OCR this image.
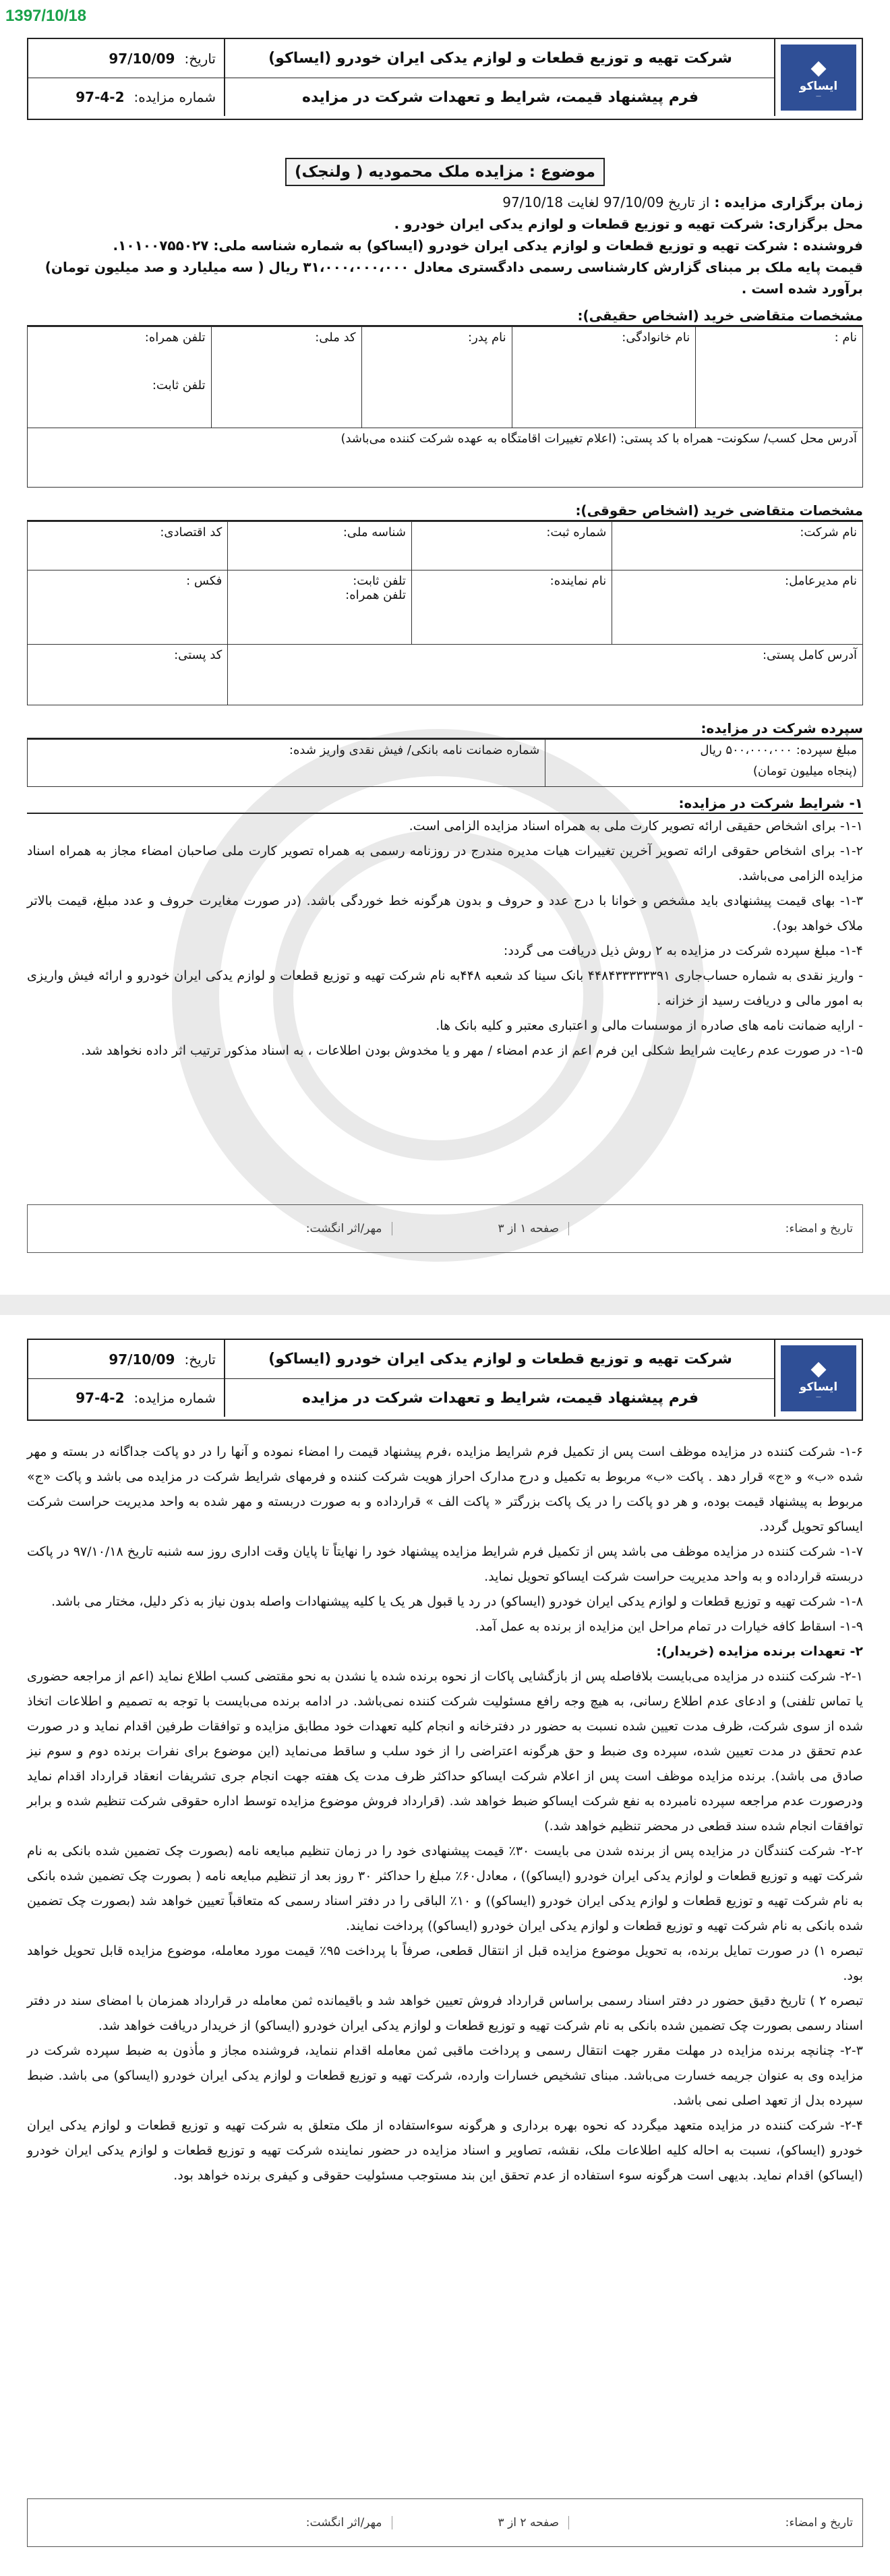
1397/10/18
◆
ایساکو
—
شرکت تهیه و توزیع قطعات و لوازم یدکی ایران خودرو (ایساکو)
فرم پیشنهاد قیمت، شرایط و تعهدات شرکت در مزایده
تاریخ:
97/10/09
شماره مزایده:
97-4-2
موضوع : مزایده ملک محمودیه ( ولنجک)
زمان برگزاری مزایده : از تاریخ 97/10/09 لغایت 97/10/18
محل برگزاری: شرکت تهیه و توزیع قطعات و لوازم یدکی ایران خودرو .
فروشنده : شرکت تهیه و توزیع قطعات و لوازم یدکی ایران خودرو (ایساکو) به شماره شناسه ملی: ۱۰۱۰۰۷۵۵۰۲۷.
قیمت پایه ملک بر مبنای گزارش کارشناسی رسمی دادگستری معادل ۳۱،۰۰۰،۰۰۰،۰۰۰ ریال ( سه میلیارد و صد میلیون تومان) برآورد شده است .
مشخصات متقاضی خرید (اشخاص حقیقی):
نام :	نام خانوادگی:	نام پدر:	کد ملی:	
تلفن همراه:
تلفن ثابت:

آدرس محل کسب/ سکونت- همراه با کد پستی: (اعلام تغییرات اقامتگاه به عهده شرکت کننده می‌باشد)
مشخصات متقاضی خرید (اشخاص حقوقی):
نام شرکت:	شماره ثبت:	شناسه ملی:	کد اقتصادی:
نام مدیرعامل:	نام نماینده:	تلفن ثابت:
تلفن همراه:	فکس :
آدرس کامل پستی:			کد پستی:
سپرده شرکت در مزایده:
مبلغ سپرده: ۵۰۰،۰۰۰،۰۰۰ ریال
(پنجاه میلیون تومان)
	شماره ضمانت نامه بانکی/ فیش نقدی واریز شده:
۱- شرایط شرکت در مزایده:

۱-۱- برای اشخاص حقیقی ارائه تصویر کارت ملی به همراه اسناد مزایده الزامی است.

۱-۲- برای اشخاص حقوقی ارائه تصویر آخرین تغییرات هیات مدیره مندرج در روزنامه رسمی به همراه تصویر کارت ملی صاحبان امضاء مجاز به همراه اسناد مزایده الزامی می‌باشد.

۱-۳- بهای قیمت پیشنهادی باید مشخص و خوانا با درج عدد و حروف و بدون هرگونه خط خوردگی باشد. (در صورت مغایرت حروف و عدد مبلغ، قیمت بالاتر ملاک خواهد بود).

۱-۴- مبلغ سپرده شرکت در مزایده به ۲ روش ذیل دریافت می گردد:

- واریز نقدی به شماره حساب‌جاری ۴۴۸۴۳۳۳۳۳۳۹۱ بانک سینا کد شعبه ۴۴۸به نام شرکت تهیه و توزیع قطعات و لوازم یدکی ایران خودرو و ارائه فیش واریزی به امور مالی و دریافت رسید از خزانه .

- ارایه ضمانت نامه های صادره از موسسات مالی و اعتباری معتبر و کلیه بانک ها.

۱-۵- در صورت عدم رعایت شرایط شکلی این فرم اعم از عدم امضاء / مهر و یا مخدوش بودن اطلاعات ، به اسناد مذکور ترتیب اثر داده نخواهد شد.

تاریخ و امضاء:
صفحه ۱ از ۳
مهر/اثر انگشت:
◆
ایساکو
—
شرکت تهیه و توزیع قطعات و لوازم یدکی ایران خودرو (ایساکو)
فرم پیشنهاد قیمت، شرایط و تعهدات شرکت در مزایده
تاریخ:
97/10/09
شماره مزایده:
97-4-2

۱-۶- شرکت کننده در مزایده موظف است پس از تکمیل فرم شرایط مزایده ،فرم پیشنهاد قیمت را امضاء نموده و آنها را در دو پاکت جداگانه در بسته و مهر شده «ب» و «ج» قرار دهد . پاکت «ب» مربوط به تکمیل و درج مدارک احراز هویت شرکت کننده و فرمهای شرایط شرکت در مزایده می باشد و پاکت «ج» مربوط به پیشنهاد قیمت بوده، و هر دو پاکت را در یک پاکت بزرگتر « پاکت الف » قرارداده و به صورت دربسته و مهر شده به واحد مدیریت حراست شرکت ایساکو تحویل گردد.

۱-۷- شرکت کننده در مزایده موظف می باشد پس از تکمیل فرم شرایط مزایده پیشنهاد خود را نهایتاً تا پایان وقت اداری روز سه شنبه تاریخ ۹۷/۱۰/۱۸ در پاکت دربسته قرارداده و به واحد مدیریت حراست شرکت ایساکو تحویل نماید.

۱-۸- شرکت تهیه و توزیع قطعات و لوازم یدکی ایران خودرو (ایساکو) در رد یا قبول هر یک یا کلیه پیشنهادات واصله بدون نیاز به ذکر دلیل، مختار می باشد.

۱-۹- اسقاط کافه خیارات در تمام مراحل این مزایده از برنده به عمل آمد.

۲- تعهدات برنده مزایده (خریدار):

۲-۱- شرکت کننده در مزایده می‌بایست بلافاصله پس از بازگشایی پاکات از نحوه برنده شده یا نشدن به نحو مقتضی کسب اطلاع نماید (اعم از مراجعه حضوری یا تماس تلفنی) و ادعای عدم اطلاع رسانی، به هیچ وجه رافع مسئولیت شرکت کننده نمی‌باشد. در ادامه برنده می‌بایست با توجه به تصمیم و اطلاعات اتخاذ شده از سوی شرکت، ظرف مدت تعیین شده نسبت به حضور در دفترخانه و انجام کلیه تعهدات خود مطابق مزایده و توافقات طرفین اقدام نماید و در صورت عدم تحقق در مدت تعیین شده، سپرده وی ضبط و حق هرگونه اعتراضی را از خود سلب و ساقط می‌نماید (این موضوع برای نفرات برنده دوم و سوم نیز صادق می باشد). برنده مزایده موظف است پس از اعلام شرکت ایساکو حداکثر ظرف مدت یک هفته جهت انجام جری تشریفات انعقاد قرارداد اقدام نماید ودرصورت عدم مراجعه سپرده نامبرده به نفع شرکت ایساکو ضبط خواهد شد. (قرارداد فروش موضوع مزایده توسط اداره حقوقی شرکت تنظیم شده و برابر توافقات انجام شده سند قطعی در محضر تنظیم خواهد شد.)

۲-۲- شرکت کنندگان در مزایده پس از برنده شدن می بایست ۳۰٪ قیمت پیشنهادی خود را در زمان تنظیم مبایعه نامه (بصورت چک تضمین شده بانکی به نام شرکت تهیه و توزیع قطعات و لوازم یدکی ایران خودرو (ایساکو)) ، معادل۶۰٪ مبلغ را حداکثر ۳۰ روز بعد از تنظیم مبایعه نامه ( بصورت چک تضمین شده بانکی به نام شرکت تهیه و توزیع قطعات و لوازم یدکی ایران خودرو (ایساکو)) و ۱۰٪ الباقی را در دفتر اسناد رسمی که متعاقباً تعیین خواهد شد (بصورت چک تضمین شده بانکی به نام شرکت تهیه و توزیع قطعات و لوازم یدکی ایران خودرو (ایساکو)) پرداخت نمایند.

تبصره ۱) در صورت تمایل برنده، به تحویل موضوع مزایده قبل از انتقال قطعی، صرفاً با پرداخت ۹۵٪ قیمت مورد معامله، موضوع مزایده قابل تحویل خواهد بود.

تبصره ۲ ) تاریخ دقیق حضور در دفتر اسناد رسمی براساس قرارداد فروش تعیین خواهد شد و باقیمانده ثمن معامله در قرارداد همزمان با امضای سند در دفتر اسناد رسمی بصورت چک تضمین شده بانکی به نام شرکت تهیه و توزیع قطعات و لوازم یدکی ایران خودرو (ایساکو) از خریدار دریافت خواهد شد.

۲-۳- چنانچه برنده مزایده در مهلت مقرر جهت انتقال رسمی و پرداخت ماقبی ثمن معامله اقدام ننماید، فروشنده مجاز و مأذون به ضبط سپرده شرکت در مزایده وی به عنوان جریمه خسارت می‌باشد. مبنای تشخیص خسارات وارده، شرکت تهیه و توزیع قطعات و لوازم یدکی ایران خودرو (ایساکو) می باشد. ضبط سپرده بدل از تعهد اصلی نمی باشد.

۲-۴- شرکت کننده در مزایده متعهد میگردد که نحوه بهره برداری و هرگونه سوءاستفاده از ملک متعلق به شرکت تهیه و توزیع قطعات و لوازم یدکی ایران خودرو (ایساکو)، نسبت به احاله کلیه اطلاعات ملک، نقشه، تصاویر و اسناد مزایده در حضور نماینده شرکت تهیه و توزیع قطعات و لوازم یدکی ایران خودرو (ایساکو) اقدام نماید. بدیهی است هرگونه سوء استفاده از عدم تحقق این بند مستوجب مسئولیت حقوقی و کیفری برنده خواهد بود.

تاریخ و امضاء:
صفحه ۲ از ۳
مهر/اثر انگشت:
